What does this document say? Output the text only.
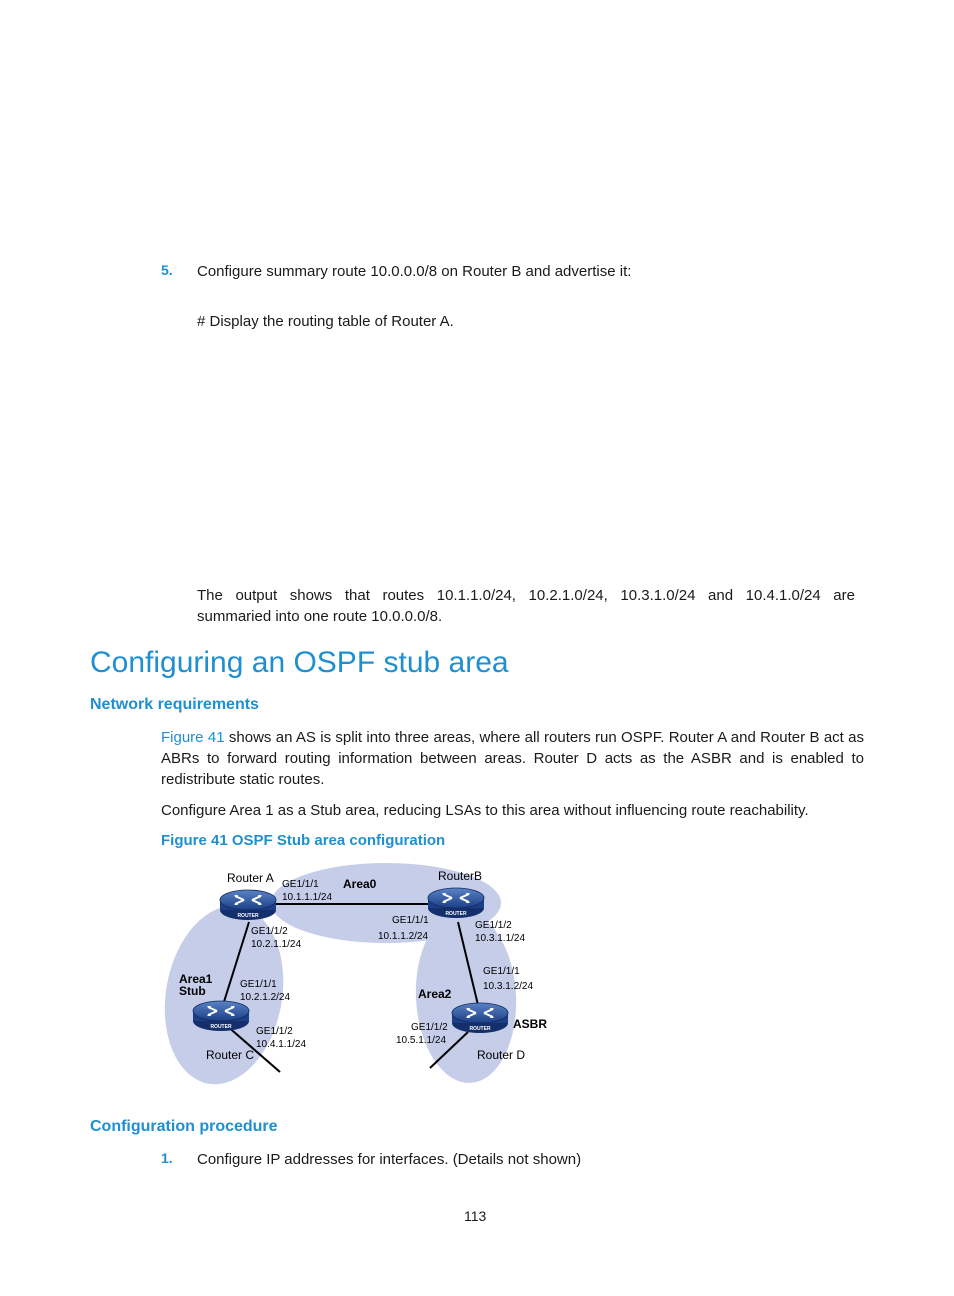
5. Configure summary route 10.0.0.0/8 on Router B and advertise it:
# Display the routing table of Router A.
The output shows that routes 10.1.1.0/24, 10.2.1.0/24, 10.3.1.0/24 and 10.4.1.0/24 are
summaried into one route 10.0.0.0/8.
Configuring an OSPF stub area
Network requirements
Figure 41 shows an AS is split into three areas, where all routers run OSPF. Router A and Router B act as
ABRs to forward routing information between areas. Router D acts as the ASBR and is enabled to
redistribute static routes.
Configure Area 1 as a Stub area, reducing LSAs to this area without influencing route reachability.
Figure 41 OSPF Stub area configuration
ROUTER	ROUTER
ROUTER	ROUTER
Router A	RouterB
Router C	Router D
Area0
Area1
Stub	Area2
ASBR
GE1/1/1
10.1.1.1/24
GE1/1/2
10.2.1.1/24
GE1/1/1
10.1.1.2/24
GE1/1/2
10.3.1.1/24
GE1/1/1
10.2.1.2/24
GE1/1/2
10.4.1.1/24
GE1/1/1
10.3.1.2/24
GE1/1/2
10.5.1.1/24
Configuration procedure
1. Configure IP addresses for interfaces. (Details not shown)
113
